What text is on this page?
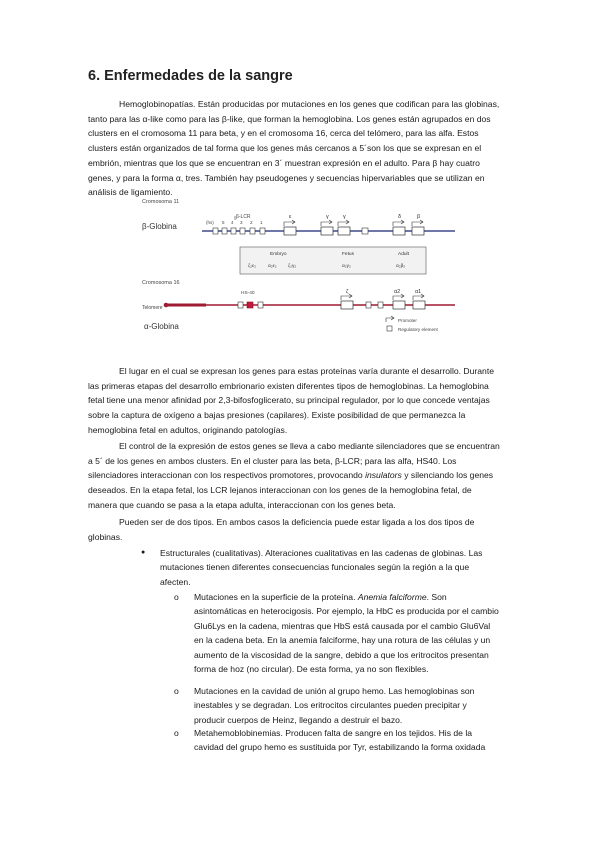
6. Enfermedades de la sangre

Hemoglobinopatías. Están producidas por mutaciones en los genes que codifican para las globinas, tanto para las α-like como para las β-like, que forman la hemoglobina. Los genes están agrupados en dos clusters en el cromosoma 11 para beta, y en el cromosoma 16, cerca del telómero, para las alfa. Estos clusters están organizados de tal forma que los genes más cercanos a 5´son los que se expresan en el embrión, mientras que los que se encuentran en 3´ muestran expresión en el adulto. Para β hay cuatro genes, y para la forma α, tres. También hay pseudogenes y secuencias hipervariables que se utilizan en análisis de ligamiento.

Cromosoma 11
β-Globina
β-LCR
(hs) 5 4 3 2 1
ε	γ	γ	δ	β
Embryo	Fetus	Adult
ζ₂ε₂	α₂ε₂ ζ₂γ₂	α₂γ₂	α₂β₂
Cromosoma 16
Telomere
HS-40	ζ	α2	α1
α-Globina
Promoter
Regulatory element

El lugar en el cual se expresan los genes para estas proteínas varía durante el desarrollo. Durante las primeras etapas del desarrollo embrionario existen diferentes tipos de hemoglobinas. La hemoglobina fetal tiene una menor afinidad por 2,3-bifosfoglicerato, su principal regulador, por lo que concede ventajas sobre la captura de oxígeno a bajas presiones (capilares). Existe posibilidad de que permanezca la hemoglobina fetal en adultos, originando patologías.

El control de la expresión de estos genes se lleva a cabo mediante silenciadores que se encuentran a 5´ de los genes en ambos clusters. En el cluster para las beta, β-LCR; para las alfa, HS40. Los silenciadores interaccionan con los respectivos promotores, provocando insulators y silenciando los genes deseados. En la etapa fetal, los LCR lejanos interaccionan con los genes de la hemoglobina fetal, de manera que cuando se pasa a la etapa adulta, interaccionan con los genes beta.

Pueden ser de dos tipos. En ambos casos la deficiencia puede estar ligada a los dos tipos de globinas.

● Estructurales (cualitativas). Alteraciones cualitativas en las cadenas de globinas. Las mutaciones tienen diferentes consecuencias funcionales según la región a la que afecten.

o Mutaciones en la superficie de la proteína. Anemia falciforme. Son asintomáticas en heterocigosis. Por ejemplo, la HbC es producida por el cambio Glu6Lys en la cadena, mientras que HbS está causada por el cambio Glu6Val en la cadena beta. En la anemia falciforme, hay una rotura de las células y un aumento de la viscosidad de la sangre, debido a que los eritrocitos presentan forma de hoz (no circular). De esta forma, ya no son flexibles.

o Mutaciones en la cavidad de unión al grupo hemo. Las hemoglobinas son inestables y se degradan. Los eritrocitos circulantes pueden precipitar y producir cuerpos de Heinz, llegando a destruir el bazo.

o Metahemoblobinemias. Producen falta de sangre en los tejidos. His de la cavidad del grupo hemo es sustituida por Tyr, estabilizando la forma oxidada
